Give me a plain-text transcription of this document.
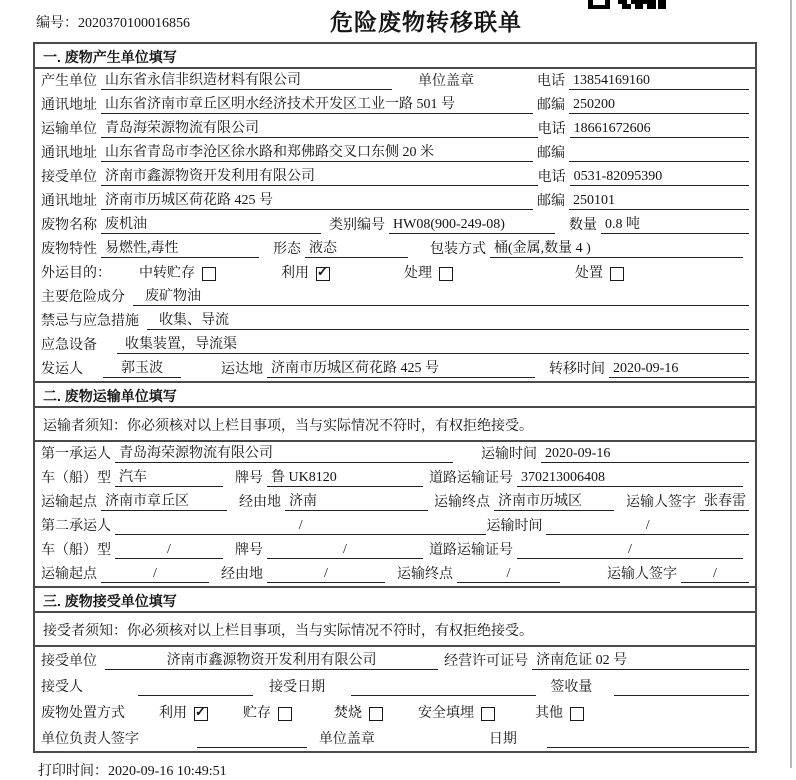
编号：2020370100016856	危险废物转移联单
一. 废物产生单位填写
产生单位 山东省永信非织造材料有限公司	单位盖章	电话 13854169160
通讯地址 山东省济南市章丘区明水经济技术开发区工业一路 501 号	邮编 250200
运输单位 青岛海荣源物流有限公司	电话 18661672606
通讯地址 山东省青岛市李沧区徐水路和郑佛路交叉口东侧 20 米	邮编
接受单位 济南市鑫源物资开发利用有限公司	电话 0531-82095390
通讯地址 济南市历城区荷花路 425 号	邮编 250101
废物名称 废机油	类别编号 HW08(900-249-08)	数量 0.8 吨
废物特性 易燃性,毒性	形态 液态	包装方式 桶(金属,数量 4 )
外运目的： 中转贮存	利用 ✓	处理	处置
主要危险成分	废矿物油
禁忌与应急措施	收集、导流
应急设备	收集装置，导流渠
发运人	郭玉波	运达地 济南市历城区荷花路 425 号	转移时间 2020-09-16
二. 废物运输单位填写
运输者须知：你必须核对以上栏目事项，当与实际情况不符时，有权拒绝接受。
第一承运人 青岛海荣源物流有限公司	运输时间 2020-09-16
车（船）型 汽车	牌号 鲁 UK8120	道路运输证号 370213006408
运输起点 济南市章丘区	经由地 济南	运输终点 济南市历城区	运输人签字 张春雷
第二承运人	/	运输时间	/
车（船）型	/	牌号	/	道路运输证号	/
运输起点	/	经由地	/	运输终点	/	运输人签字	/
三. 废物接受单位填写
接受者须知：你必须核对以上栏目事项，当与实际情况不符时，有权拒绝接受。
接受单位	济南市鑫源物资开发利用有限公司	经营许可证号 济南危证 02 号
接受人	接受日期	签收量
废物处置方式 利用 ✓	贮存	焚烧	安全填埋	其他
单位负责人签字	单位盖章	日期
打印时间：2020-09-16 10:49:51
